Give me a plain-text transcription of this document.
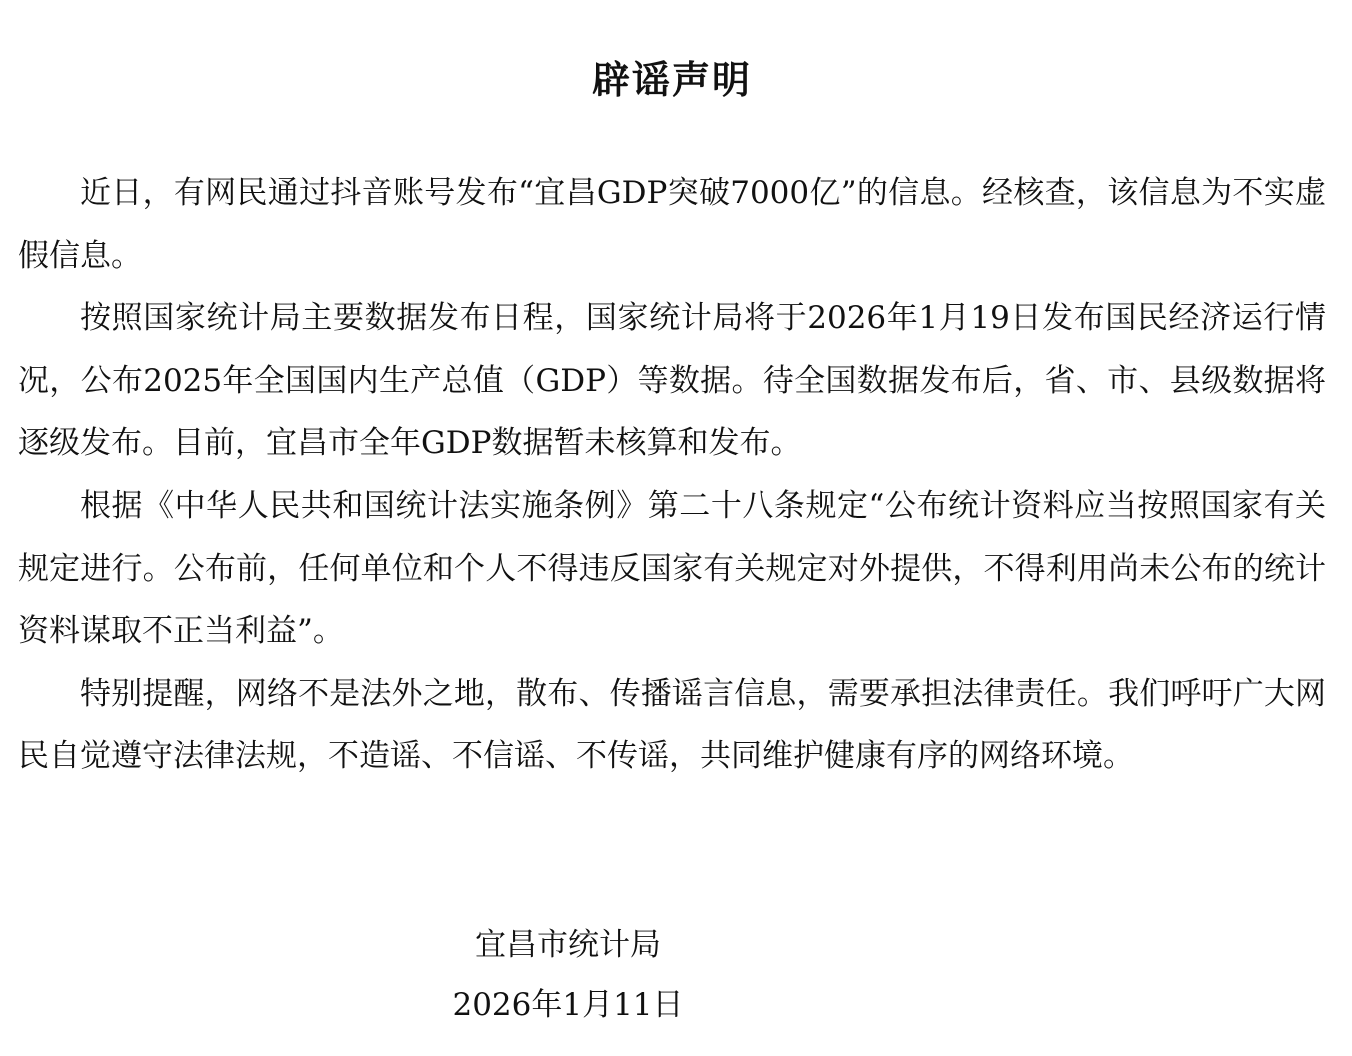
辟谣声明

近日，有网民通过抖音账号发布“宜昌GDP突破7000亿”的信息。经核查，该信息为不实虚假信息。

按照国家统计局主要数据发布日程，国家统计局将于2026年1月19日发布国民经济运行情况，公布2025年全国国内生产总值（GDP）等数据。待全国数据发布后，省、市、县级数据将逐级发布。目前，宜昌市全年GDP数据暂未核算和发布。

根据《中华人民共和国统计法实施条例》第二十八条规定“公布统计资料应当按照国家有关规定进行。公布前，任何单位和个人不得违反国家有关规定对外提供，不得利用尚未公布的统计资料谋取不正当利益”。

特别提醒，网络不是法外之地，散布、传播谣言信息，需要承担法律责任。我们呼吁广大网民自觉遵守法律法规，不造谣、不信谣、不传谣，共同维护健康有序的网络环境。

宜昌市统计局
2026年1月11日
